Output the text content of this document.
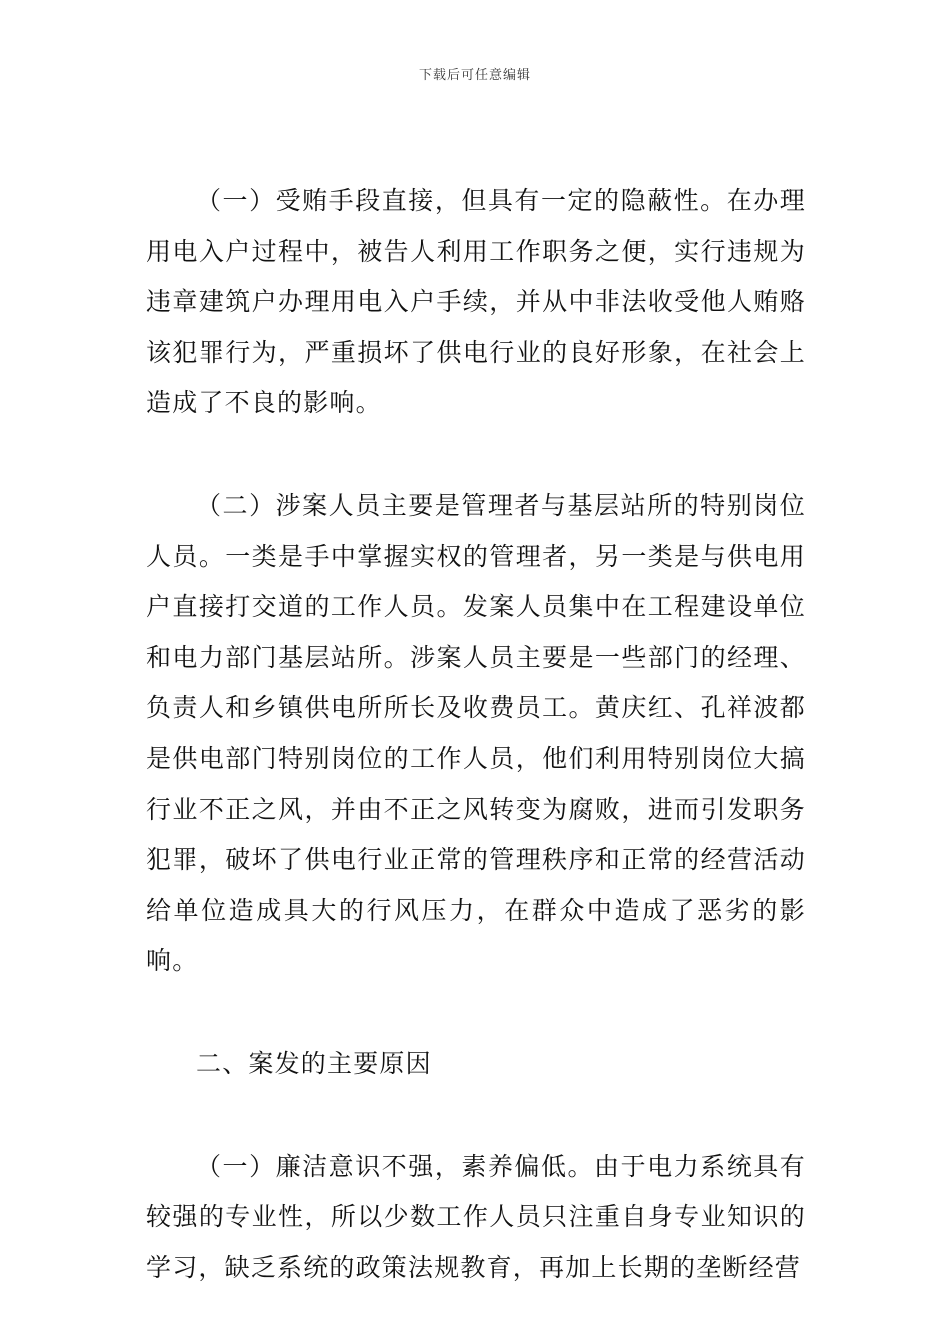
下载后可任意编辑

（一）受贿手段直接，但具有一定的隐蔽性。在办理用电入户过程中，被告人利用工作职务之便，实行违规为违章建筑户办理用电入户手续，并从中非法收受他人贿赂该犯罪行为，严重损坏了供电行业的良好形象，在社会上造成了不良的影响。

（二）涉案人员主要是管理者与基层站所的特别岗位人员。一类是手中掌握实权的管理者，另一类是与供电用户直接打交道的工作人员。发案人员集中在工程建设单位和电力部门基层站所。涉案人员主要是一些部门的经理、负责人和乡镇供电所所长及收费员工。黄庆红、孔祥波都是供电部门特别岗位的工作人员，他们利用特别岗位大搞行业不正之风，并由不正之风转变为腐败，进而引发职务犯罪，破坏了供电行业正常的管理秩序和正常的经营活动给单位造成具大的行风压力，在群众中造成了恶劣的影响。

二、案发的主要原因

（一）廉洁意识不强，素养偏低。由于电力系统具有较强的专业性，所以少数工作人员只注重自身专业知识的学习，缺乏系统的政策法规教育，再加上长期的垄断经营
